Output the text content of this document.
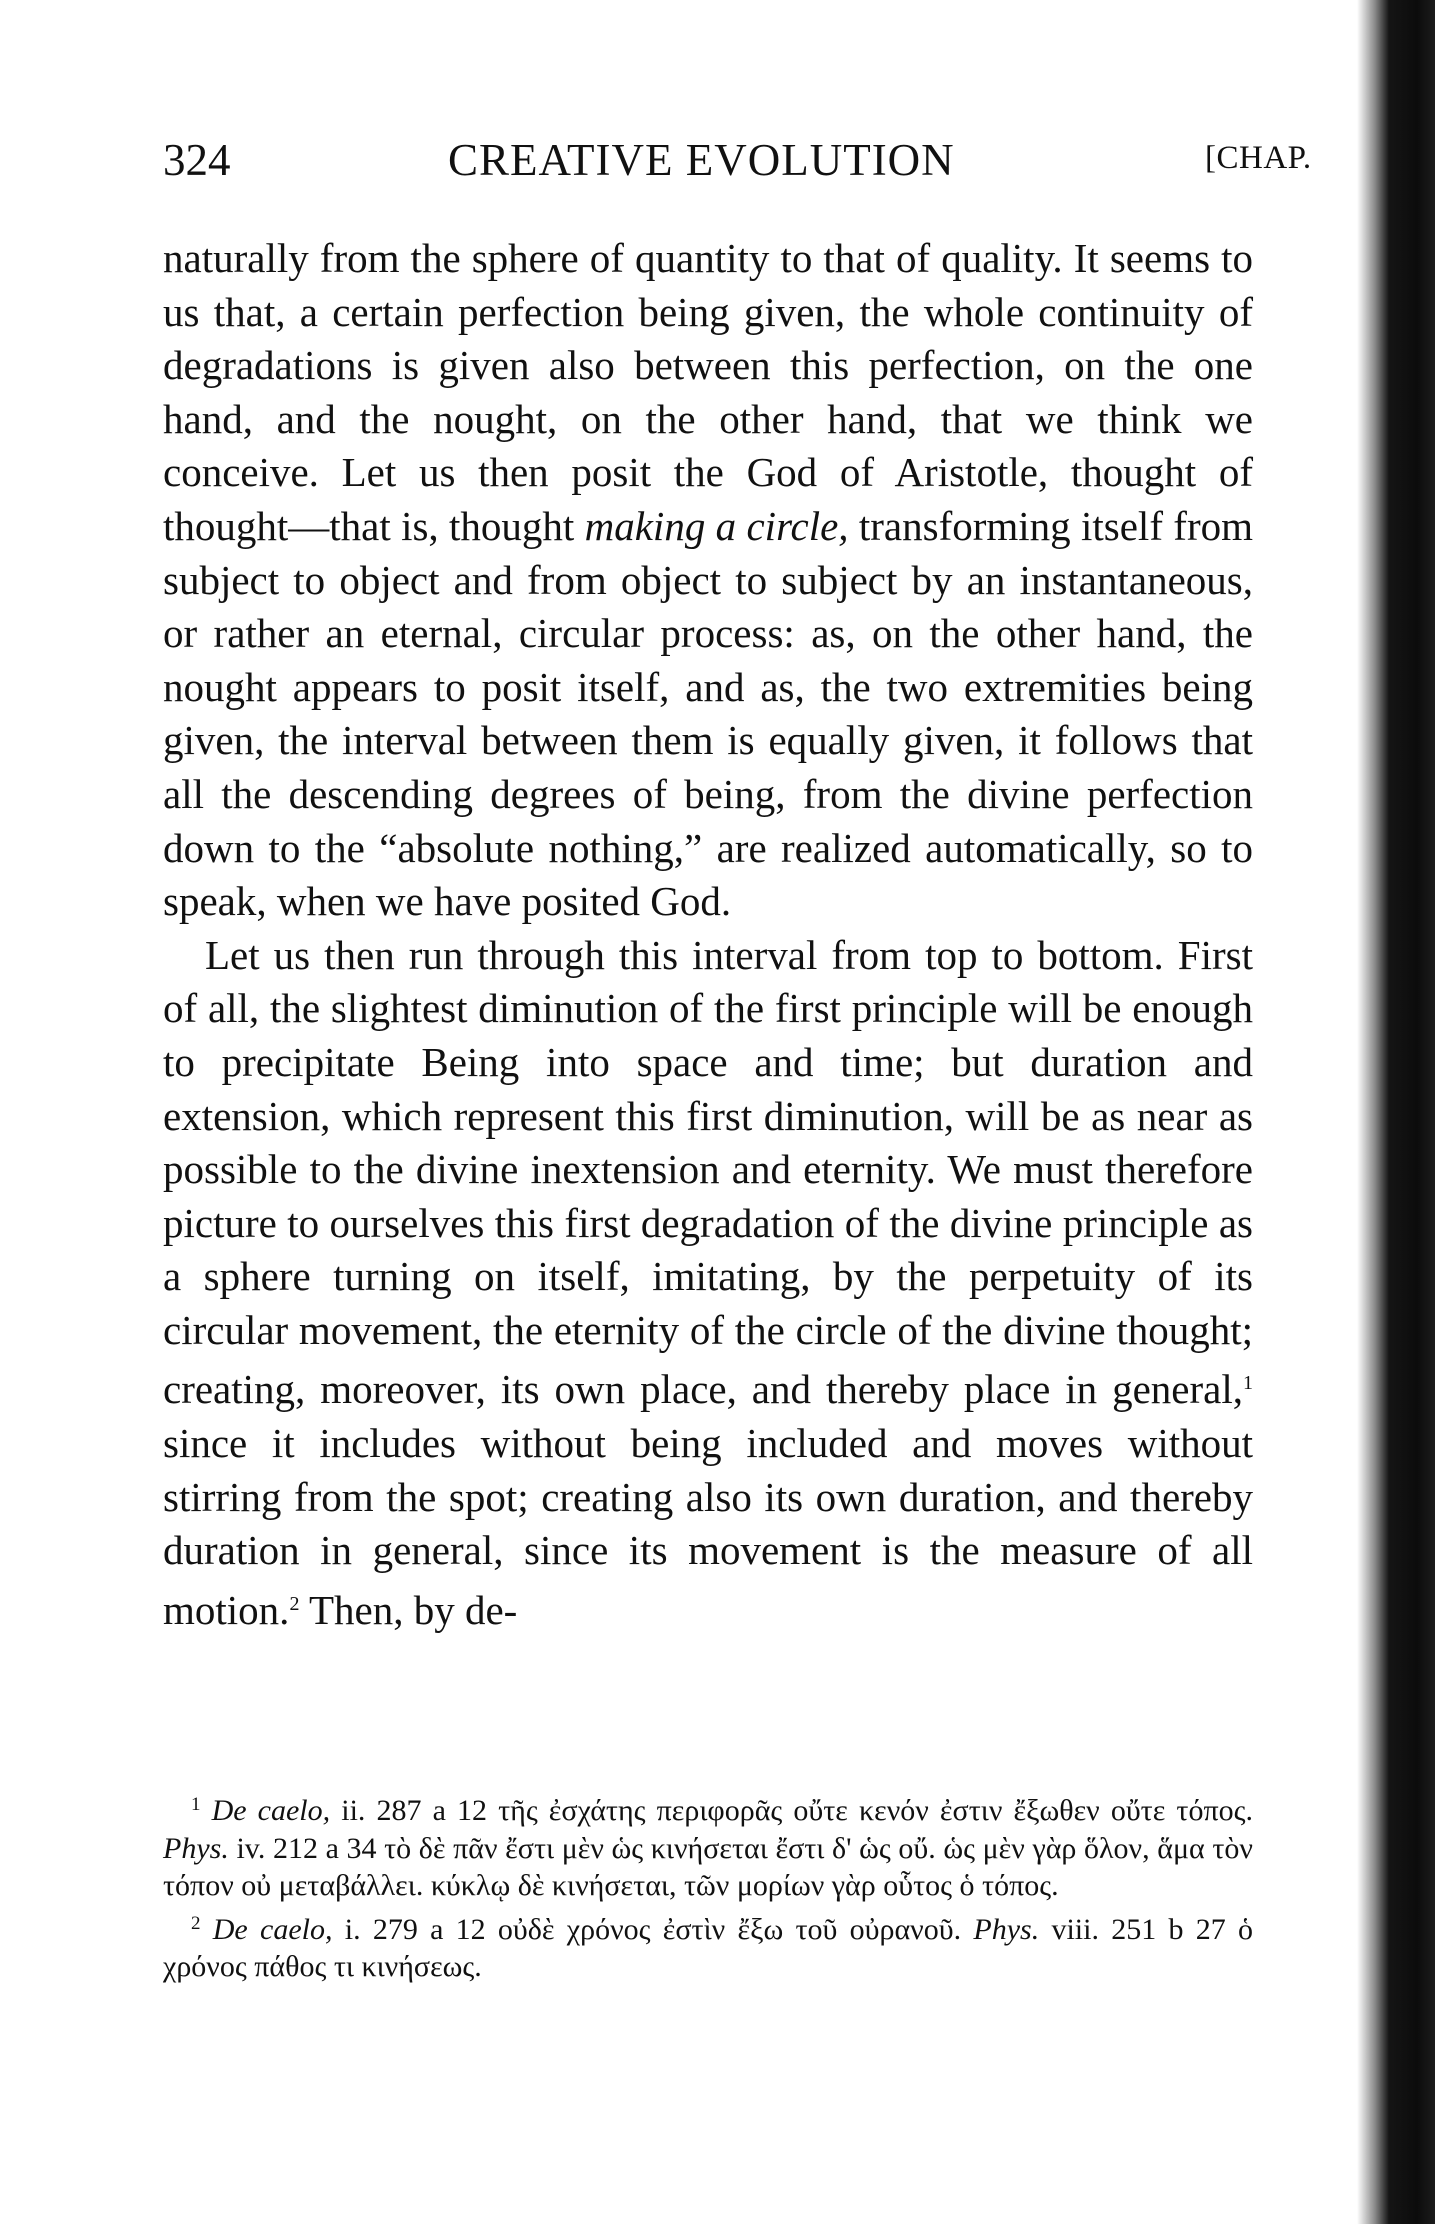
324	CREATIVE EVOLUTION	[CHAP.

naturally from the sphere of quantity to that of quality. It seems to us that, a certain perfection being given, the whole continuity of degradations is given also between this perfection, on the one hand, and the nought, on the other hand, that we think we conceive. Let us then posit the God of Aristotle, thought of thought—that is, thought making a circle, transforming itself from subject to object and from object to subject by an instantaneous, or rather an eternal, circular process: as, on the other hand, the nought appears to posit itself, and as, the two extremities being given, the interval between them is equally given, it follows that all the descending degrees of being, from the divine perfection down to the “absolute nothing,” are realized automatically, so to speak, when we have posited God.

Let us then run through this interval from top to bottom. First of all, the slightest diminution of the first principle will be enough to precipitate Being into space and time; but duration and extension, which represent this first diminution, will be as near as possible to the divine inextension and eternity. We must therefore picture to ourselves this first degradation of the divine principle as a sphere turning on itself, imitating, by the perpetuity of its circular movement, the eternity of the circle of the divine thought; creating, moreover, its own place, and thereby place in general,$^1$ since it includes without being included and moves without stirring from the spot; creating also its own duration, and thereby duration in general, since its movement is the measure of all motion.$^2$ Then, by de-

$^1$ De caelo, ii. 287 a 12 τῆς ἐσχάτης περιφορᾶς οὔτε κενόν ἐστιν ἔξωθεν οὔτε τόπος. Phys. iv. 212 a 34 τὸ δὲ πᾶν ἔστι μὲν ὡς κινήσεται ἔστι δ' ὡς οὔ. ὡς μὲν γὰρ ὅλον, ἅμα τὸν τόπον οὐ μεταβάλλει. κύκλῳ δὲ κινήσεται, τῶν μορίων γὰρ οὗτος ὁ τόπος.

$^2$ De caelo, i. 279 a 12 οὐδὲ χρόνος ἐστὶν ἔξω τοῦ οὐρανοῦ. Phys. viii. 251 b 27 ὁ χρόνος πάθος τι κινήσεως.
